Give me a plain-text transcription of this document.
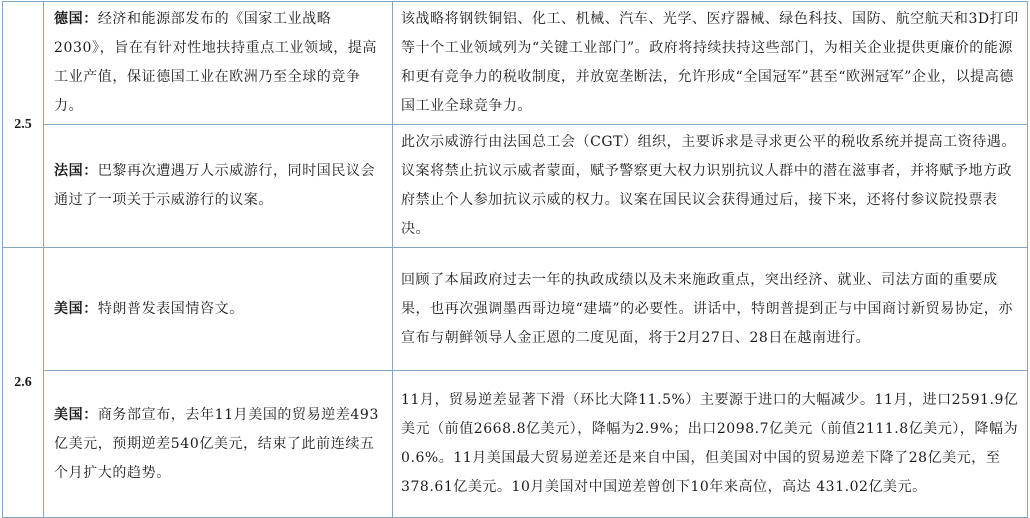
2.5	德国：经济和能源部发布的《国家工业战略2030》，旨在有针对性地扶持重点工业领域，提高工业产值，保证德国工业在欧洲乃至全球的竞争力。	该战略将钢铁铜铝、化工、机械、汽车、光学、医疗器械、绿色科技、国防、航空航天和3D打印等十个工业领域列为“关键工业部门”。政府将持续扶持这些部门，为相关企业提供更廉价的能源和更有竞争力的税收制度，并放宽垄断法，允许形成“全国冠军”甚至“欧洲冠军”企业，以提高德国工业全球竞争力。
	法国：巴黎再次遭遇万人示威游行，同时国民议会通过了一项关于示威游行的议案。	此次示威游行由法国总工会（CGT）组织，主要诉求是寻求更公平的税收系统并提高工资待遇。议案将禁止抗议示威者蒙面，赋予警察更大权力识别抗议人群中的潜在滋事者，并将赋予地方政府禁止个人参加抗议示威的权力。议案在国民议会获得通过后，接下来，还将付参议院投票表决。
2.6	美国：特朗普发表国情咨文。	回顾了本届政府过去一年的执政成绩以及未来施政重点，突出经济、就业、司法方面的重要成果，也再次强调墨西哥边境“建墙”的必要性。讲话中，特朗普提到正与中国商讨新贸易协定，亦宣布与朝鲜领导人金正恩的二度见面，将于2月27日、28日在越南进行。
	美国：商务部宣布，去年11月美国的贸易逆差493亿美元，预期逆差540亿美元，结束了此前连续五个月扩大的趋势。	11月，贸易逆差显著下滑（环比大降11.5%）主要源于进口的大幅减少。11月，进口2591.9亿美元（前值2668.8亿美元），降幅为2.9%；出口2098.7亿美元（前值2111.8亿美元），降幅为0.6%。11月美国最大贸易逆差还是来自中国，但美国对中国的贸易逆差下降了28亿美元，至378.61亿美元。10月美国对中国逆差曾创下10年来高位，高达 431.02亿美元。
